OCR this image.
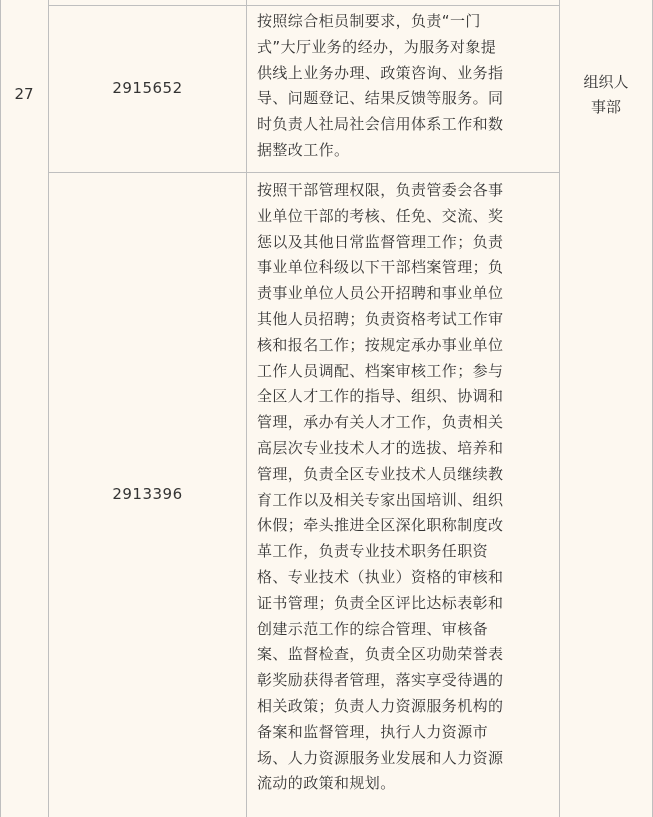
27	2915652
按照综合柜员制要求，负责“一门
式”大厅业务的经办，为服务对象提
供线上业务办理、政策咨询、业务指
导、问题登记、结果反馈等服务。同
时负责人社局社会信用体系工作和数
据整改工作。
2913396
按照干部管理权限，负责管委会各事
业单位干部的考核、任免、交流、奖
惩以及其他日常监督管理工作；负责
事业单位科级以下干部档案管理；负
责事业单位人员公开招聘和事业单位
其他人员招聘；负责资格考试工作审
核和报名工作；按规定承办事业单位
工作人员调配、档案审核工作；参与
全区人才工作的指导、组织、协调和
管理，承办有关人才工作，负责相关
高层次专业技术人才的选拔、培养和
管理，负责全区专业技术人员继续教
育工作以及相关专家出国培训、组织
休假；牵头推进全区深化职称制度改
革工作，负责专业技术职务任职资
格、专业技术（执业）资格的审核和
证书管理；负责全区评比达标表彰和
创建示范工作的综合管理、审核备
案、监督检查，负责全区功勋荣誉表
彰奖励获得者管理，落实享受待遇的
相关政策；负责人力资源服务机构的
备案和监督管理，执行人力资源市
场、人力资源服务业发展和人力资源
流动的政策和规划。
组织人
事部
